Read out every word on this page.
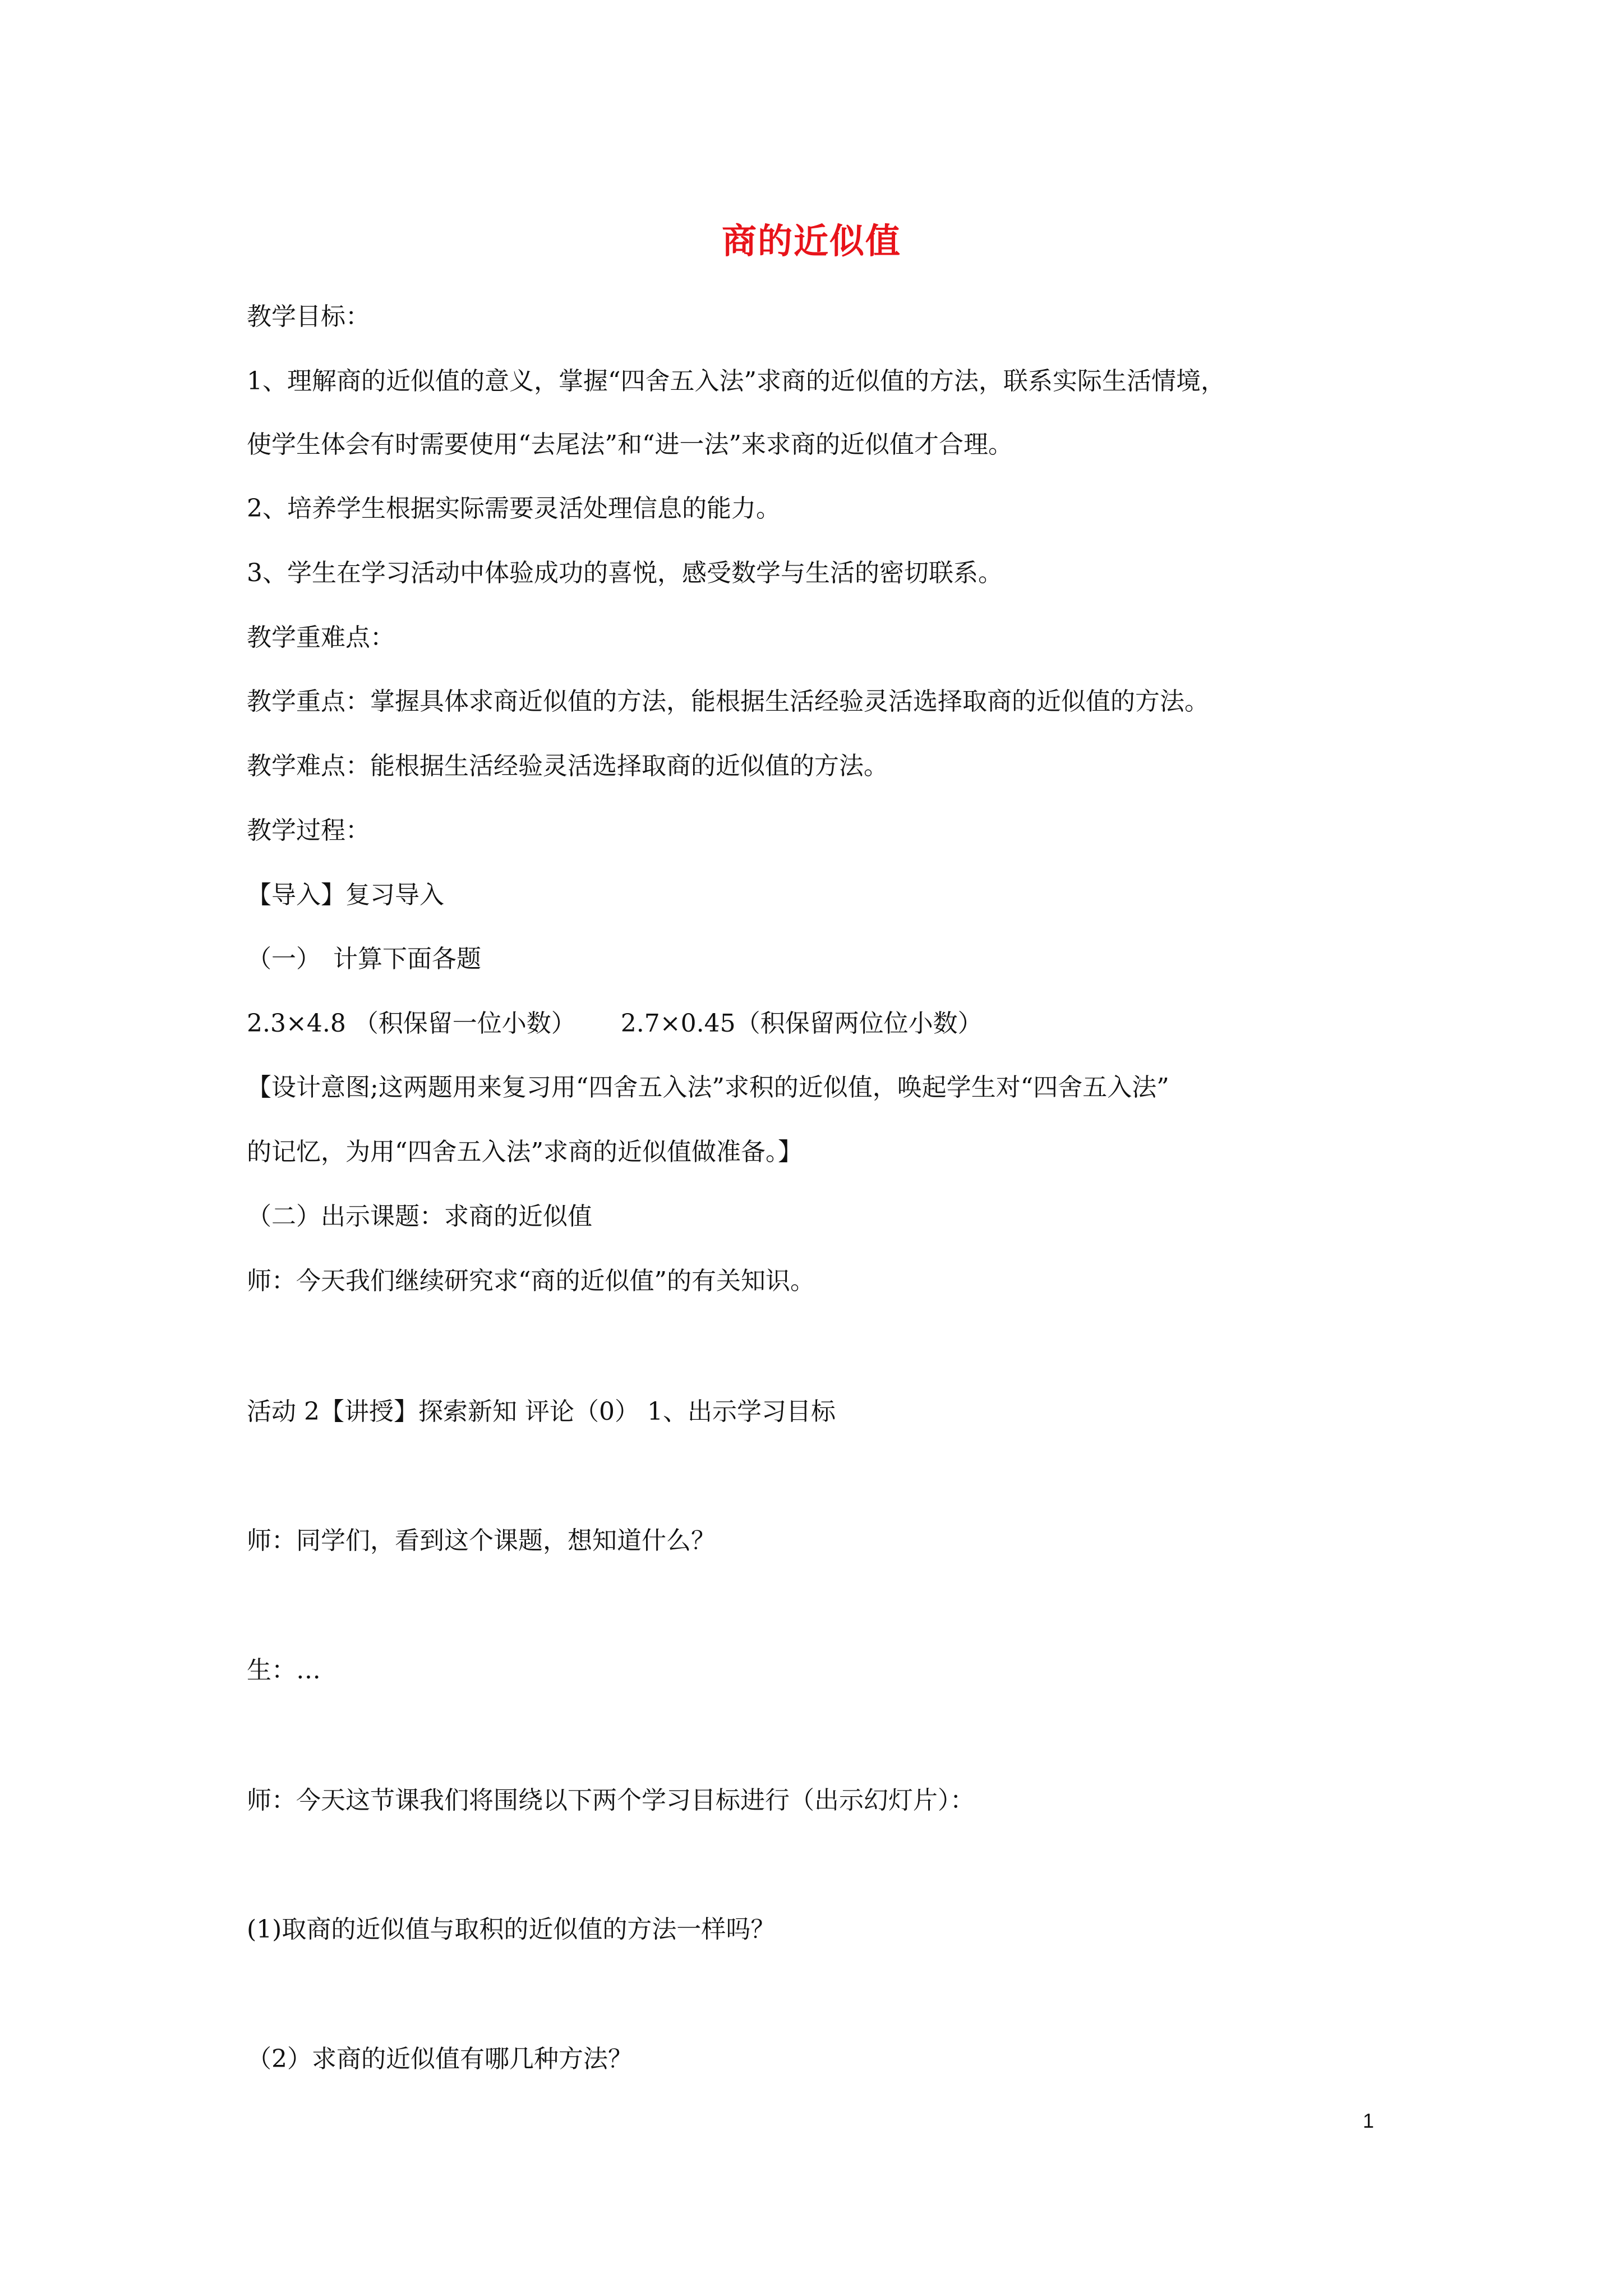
商的近似值
教学目标：
1、理解商的近似值的意义，掌握“四舍五入法”求商的近似值的方法，联系实际生活情境，
使学生体会有时需要使用“去尾法”和“进一法”来求商的近似值才合理。
2、培养学生根据实际需要灵活处理信息的能力。
3、学生在学习活动中体验成功的喜悦，感受数学与生活的密切联系。
教学重难点：
教学重点：掌握具体求商近似值的方法，能根据生活经验灵活选择取商的近似值的方法。
教学难点：能根据生活经验灵活选择取商的近似值的方法。
教学过程：
【导入】复习导入
（一）　计算下面各题
2.3×4.8 （积保留一位小数）　　 2.7×0.45（积保留两位位小数）
【设计意图;这两题用来复习用“四舍五入法”求积的近似值，唤起学生对“四舍五入法”
的记忆，为用“四舍五入法”求商的近似值做准备。】
（二）出示课题：求商的近似值
师：今天我们继续研究求“商的近似值”的有关知识。
活动 2【讲授】探索新知 评论（0） 1、出示学习目标
师：同学们，看到这个课题，想知道什么？
生：…
师：今天这节课我们将围绕以下两个学习目标进行（出示幻灯片）：
(1)取商的近似值与取积的近似值的方法一样吗？
（2）求商的近似值有哪几种方法？
1
